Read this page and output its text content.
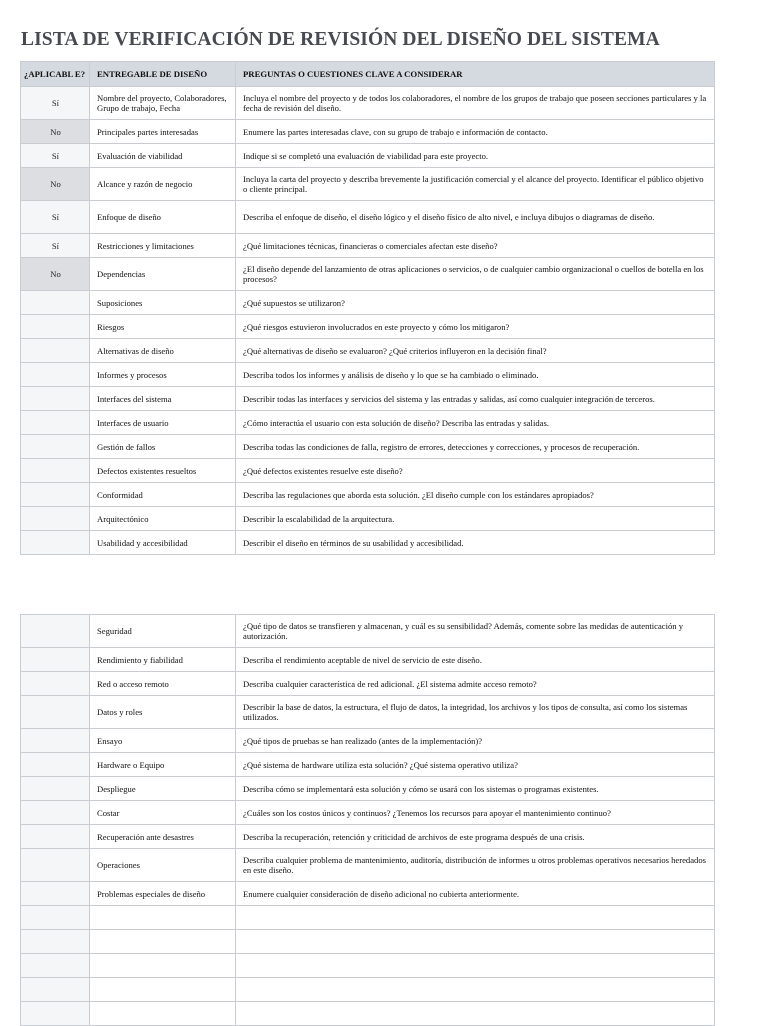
LISTA DE VERIFICACIÓN DE REVISIÓN DEL DISEÑO DEL SISTEMA
¿APLICABL E?	ENTREGABLE DE DISEÑO	PREGUNTAS O CUESTIONES CLAVE A CONSIDERAR
Sí	Nombre del proyecto, Colaboradores, Grupo de trabajo, Fecha	Incluya el nombre del proyecto y de todos los colaboradores, el nombre de los grupos de trabajo que poseen secciones particulares y la fecha de revisión del diseño.
No	Principales partes interesadas	Enumere las partes interesadas clave, con su grupo de trabajo e información de contacto.
Sí	Evaluación de viabilidad	Indique si se completó una evaluación de viabilidad para este proyecto.
No	Alcance y razón de negocio	Incluya la carta del proyecto y describa brevemente la justificación comercial y el alcance del proyecto. Identificar el público objetivo o cliente principal.
Sí	Enfoque de diseño	Describa el enfoque de diseño, el diseño lógico y el diseño físico de alto nivel, e incluya dibujos o diagramas de diseño.
Sí	Restricciones y limitaciones	¿Qué limitaciones técnicas, financieras o comerciales afectan este diseño?
No	Dependencias	¿El diseño depende del lanzamiento de otras aplicaciones o servicios, o de cualquier cambio organizacional o cuellos de botella en los procesos?
	Suposiciones	¿Qué supuestos se utilizaron?
	Riesgos	¿Qué riesgos estuvieron involucrados en este proyecto y cómo los mitigaron?
	Alternativas de diseño	¿Qué alternativas de diseño se evaluaron? ¿Qué criterios influyeron en la decisión final?
	Informes y procesos	Describa todos los informes y análisis de diseño y lo que se ha cambiado o eliminado.
	Interfaces del sistema	Describir todas las interfaces y servicios del sistema y las entradas y salidas, así como cualquier integración de terceros.
	Interfaces de usuario	¿Cómo interactúa el usuario con esta solución de diseño? Describa las entradas y salidas.
	Gestión de fallos	Describa todas las condiciones de falla, registro de errores, detecciones y correcciones, y procesos de recuperación.
	Defectos existentes resueltos	¿Qué defectos existentes resuelve este diseño?
	Conformidad	Describa las regulaciones que aborda esta solución. ¿El diseño cumple con los estándares apropiados?
	Arquitectónico	Describir la escalabilidad de la arquitectura.
	Usabilidad y accesibilidad	Describir el diseño en términos de su usabilidad y accesibilidad.
	Seguridad	¿Qué tipo de datos se transfieren y almacenan, y cuál es su sensibilidad? Además, comente sobre las medidas de autenticación y autorización.
	Rendimiento y fiabilidad	Describa el rendimiento aceptable de nivel de servicio de este diseño.
	Red o acceso remoto	Describa cualquier característica de red adicional. ¿El sistema admite acceso remoto?
	Datos y roles	Describir la base de datos, la estructura, el flujo de datos, la integridad, los archivos y los tipos de consulta, así como los sistemas utilizados.
	Ensayo	¿Qué tipos de pruebas se han realizado (antes de la implementación)?
	Hardware o Equipo	¿Qué sistema de hardware utiliza esta solución? ¿Qué sistema operativo utiliza?
	Despliegue	Describa cómo se implementará esta solución y cómo se usará con los sistemas o programas existentes.
	Costar	¿Cuáles son los costos únicos y continuos? ¿Tenemos los recursos para apoyar el mantenimiento continuo?
	Recuperación ante desastres	Describa la recuperación, retención y criticidad de archivos de este programa después de una crisis.
	Operaciones	Describa cualquier problema de mantenimiento, auditoría, distribución de informes u otros problemas operativos necesarios heredados en este diseño.
	Problemas especiales de diseño	Enumere cualquier consideración de diseño adicional no cubierta anteriormente.
